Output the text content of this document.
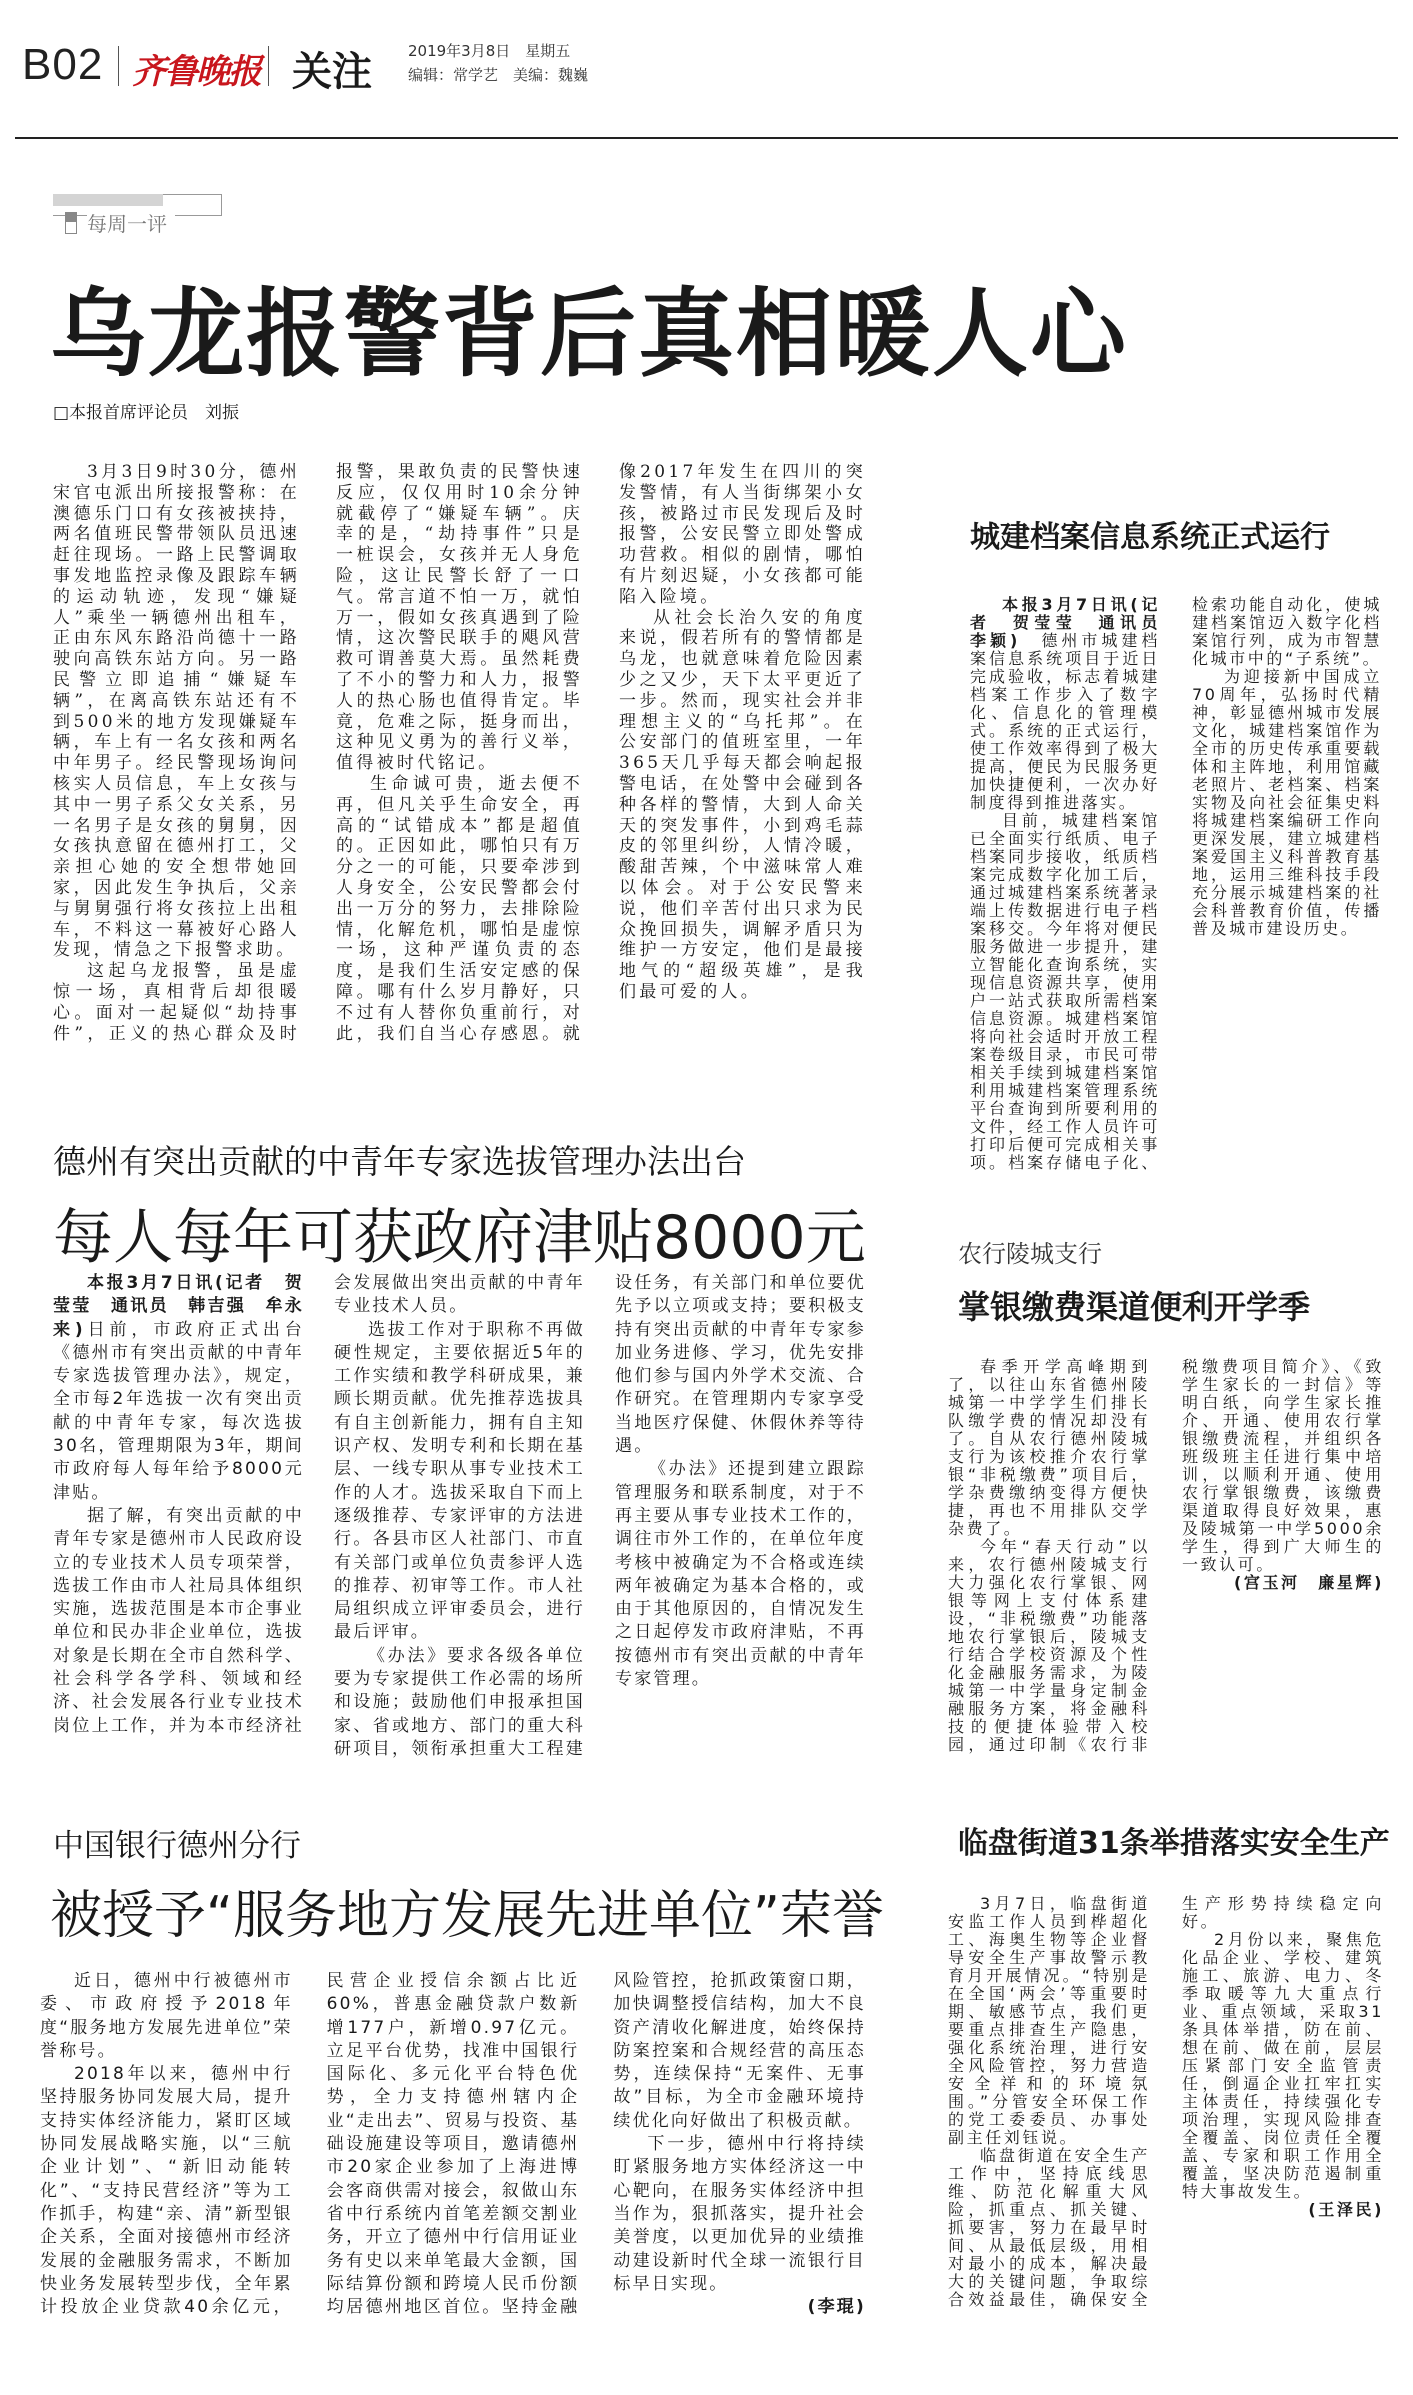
B02 齐鲁晚报 关注 2019年3月8日　星期五
编辑：常学艺　美编：魏巍
每周一评
乌龙报警背后真相暖人心
□本报首席评论员　刘振

3月3日9时30分，德州宋官屯派出所接报警称：在澳德乐门口有女孩被挟持，两名值班民警带领队员迅速赶往现场。一路上民警调取事发地监控录像及跟踪车辆的运动轨迹，发现“嫌疑人”乘坐一辆德州出租车，正由东风东路沿尚德十一路驶向高铁东站方向。另一路民警立即追捕“嫌疑车辆”，在离高铁东站还有不到500米的地方发现嫌疑车辆，车上有一名女孩和两名中年男子。经民警现场询问核实人员信息，车上女孩与其中一男子系父女关系，另一名男子是女孩的舅舅，因女孩执意留在德州打工，父亲担心她的安全想带她回家，因此发生争执后，父亲与舅舅强行将女孩拉上出租车，不料这一幕被好心路人发现，情急之下报警求助。

这起乌龙报警，虽是虚惊一场，真相背后却很暖心。面对一起疑似“劫持事件”，正义的热心群众及时报警，果敢负责的民警快速反应，仅仅用时10余分钟就截停了“嫌疑车辆”。庆幸的是，“劫持事件”只是一桩误会，女孩并无人身危险，这让民警长舒了一口气。常言道不怕一万，就怕万一，假如女孩真遇到了险情，这次警民联手的飓风营救可谓善莫大焉。虽然耗费了不小的警力和人力，报警人的热心肠也值得肯定。毕竟，危难之际，挺身而出，这种见义勇为的善行义举，值得被时代铭记。

生命诚可贵，逝去便不再，但凡关乎生命安全，再高的“试错成本”都是超值的。正因如此，哪怕只有万分之一的可能，只要牵涉到人身安全，公安民警都会付出一万分的努力，去排除险情，化解危机，哪怕是虚惊一场，这种严谨负责的态度，是我们生活安定感的保障。哪有什么岁月静好，只不过有人替你负重前行，对此，我们自当心存感恩。就像2017年发生在四川的突发警情，有人当街绑架小女孩，被路过市民发现后及时报警，公安民警立即处警成功营救。相似的剧情，哪怕有片刻迟疑，小女孩都可能陷入险境。

从社会长治久安的角度来说，假若所有的警情都是乌龙，也就意味着危险因素少之又少，天下太平更近了一步。然而，现实社会并非理想主义的“乌托邦”。在公安部门的值班室里，一年365天几乎每天都会响起报警电话，在处警中会碰到各种各样的警情，大到人命关天的突发事件，小到鸡毛蒜皮的邻里纠纷，人情冷暖，酸甜苦辣，个中滋味常人难以体会。对于公安民警来说，他们辛苦付出只求为民众挽回损失，调解矛盾只为维护一方安定，他们是最接地气的“超级英雄”，是我们最可爱的人。

城建档案信息系统正式运行

本报3月7日讯(记者　贺莹莹　通讯员　李颖)　 德州市城建档案信息系统项目于近日完成验收，标志着城建档案工作步入了数字化、信息化的管理模式。系统的正式运行，使工作效率得到了极大提高，便民为民服务更加快捷便利，一次办好制度得到推进落实。

目前，城建档案馆已全面实行纸质、电子档案同步接收，纸质档案完成数字化加工后，通过城建档案系统著录端上传数据进行电子档案移交。今年将对便民服务做进一步提升，建立智能化查询系统，实现信息资源共享，使用户一站式获取所需档案信息资源。城建档案馆将向社会适时开放工程案卷级目录，市民可带相关手续到城建档案馆利用城建档案管理系统平台查询到所要利用的文件，经工作人员许可打印后便可完成相关事项。档案存储电子化、检索功能自动化，使城建档案馆迈入数字化档案馆行列，成为市智慧化城市中的“子系统”。

为迎接新中国成立70周年，弘扬时代精神，彰显德州城市发展文化，城建档案馆作为全市的历史传承重要载体和主阵地，利用馆藏老照片、老档案、档案实物及向社会征集史料将城建档案编研工作向更深发展，建立城建档案爱国主义科普教育基地，运用三维科技手段充分展示城建档案的社会科普教育价值，传播普及城市建设历史。

德州有突出贡献的中青年专家选拔管理办法出台
每人每年可获政府津贴8000元

本报3月7日讯(记者　贺莹莹　通讯员　韩吉强　牟永来)日前，市政府正式出台《德州市有突出贡献的中青年专家选拔管理办法》，规定，全市每2年选拔一次有突出贡献的中青年专家，每次选拔30名，管理期限为3年，期间市政府每人每年给予8000元津贴。

据了解，有突出贡献的中青年专家是德州市人民政府设立的专业技术人员专项荣誉，选拔工作由市人社局具体组织实施，选拔范围是本市企事业单位和民办非企业单位，选拔对象是长期在全市自然科学、社会科学各学科、领域和经济、社会发展各行业专业技术岗位上工作，并为本市经济社会发展做出突出贡献的中青年专业技术人员。

选拔工作对于职称不再做硬性规定，主要依据近5年的工作实绩和教学科研成果，兼顾长期贡献。优先推荐选拔具有自主创新能力，拥有自主知识产权、发明专利和长期在基层、一线专职从事专业技术工作的人才。选拔采取自下而上逐级推荐、专家评审的方法进行。各县市区人社部门、市直有关部门或单位负责参评人选的推荐、初审等工作。市人社局组织成立评审委员会，进行最后评审。

《办法》要求各级各单位要为专家提供工作必需的场所和设施；鼓励他们申报承担国家、省或地方、部门的重大科研项目，领衔承担重大工程建设任务，有关部门和单位要优先予以立项或支持；要积极支持有突出贡献的中青年专家参加业务进修、学习，优先安排他们参与国内外学术交流、合作研究。在管理期内专家享受当地医疗保健、休假休养等待遇。

《办法》还提到建立跟踪管理服务和联系制度，对于不再主要从事专业技术工作的，调往市外工作的，在单位年度考核中被确定为不合格或连续两年被确定为基本合格的，或由于其他原因的，自情况发生之日起停发市政府津贴，不再按德州市有突出贡献的中青年专家管理。

农行陵城支行
掌银缴费渠道便利开学季

春季开学高峰期到了，以往山东省德州陵城第一中学学生们排长队缴学费的情况却没有了。自从农行德州陵城支行为该校推介农行掌银“非税缴费”项目后，学杂费缴纳变得方便快捷，再也不用排队交学杂费了。

今年“春天行动”以来，农行德州陵城支行大力强化农行掌银、网银等网上支付体系建设，“非税缴费”功能落地农行掌银后，陵城支行结合学校资源及个性化金融服务需求，为陵城第一中学量身定制金融服务方案，将金融科技的便捷体验带入校园，通过印制《农行非税缴费项目简介》、《致学生家长的一封信》等明白纸，向学生家长推介、开通、使用农行掌银缴费流程，并组织各班级班主任进行集中培训，以顺利开通、使用农行掌银缴费，该缴费渠道取得良好效果，惠及陵城第一中学5000余学生，得到广大师生的一致认可。

(宫玉河　廉星辉)

中国银行德州分行
被授予“服务地方发展先进单位”荣誉

近日，德州中行被德州市委、市政府授予2018年度“服务地方发展先进单位”荣誉称号。

2018年以来，德州中行坚持服务协同发展大局，提升支持实体经济能力，紧盯区域协同发展战略实施，以“三航企业计划”、“新旧动能转化”、“支持民营经济”等为工作抓手，构建“亲、清”新型银企关系，全面对接德州市经济发展的金融服务需求，不断加快业务发展转型步伐，全年累计投放企业贷款40余亿元，民营企业授信余额占比近60%，普惠金融贷款户数新增177户，新增0.97亿元。立足平台优势，找准中国银行国际化、多元化平台特色优势，全力支持德州辖内企业“走出去”、贸易与投资、基础设施建设等项目，邀请德州市20家企业参加了上海进博会客商供需对接会，叙做山东省中行系统内首笔差额交割业务，开立了德州中行信用证业务有史以来单笔最大金额，国际结算份额和跨境人民币份额均居德州地区首位。坚持金融风险管控，抢抓政策窗口期，加快调整授信结构，加大不良资产清收化解进度，始终保持防案控案和合规经营的高压态势，连续保持“无案件、无事故”目标，为全市金融环境持续优化向好做出了积极贡献。

下一步，德州中行将持续盯紧服务地方实体经济这一中心靶向，在服务实体经济中担当作为，狠抓落实，提升社会美誉度，以更加优异的业绩推动建设新时代全球一流银行目标早日实现。

(李琨)

临盘街道31条举措落实安全生产

3月7日，临盘街道安监工作人员到桦超化工、海奥生物等企业督导安全生产事故警示教育月开展情况。“特别是在全国‘两会’等重要时期、敏感节点，我们更要重点排查生产隐患，强化系统治理，进行安全风险管控，努力营造安全祥和的环境氛围。”分管安全环保工作的党工委委员、办事处副主任刘钰说。

临盘街道在安全生产工作中，坚持底线思维、防范化解重大风险，抓重点、抓关键、抓要害，努力在最早时间、从最低层级，用相对最小的成本，解决最大的关键问题，争取综合效益最佳，确保安全生产形势持续稳定向好。

2月份以来，聚焦危化品企业、学校、建筑施工、旅游、电力、冬季取暖等九大重点行业、重点领域，采取31条具体举措，防在前、想在前、做在前，层层压紧部门安全监管责任，倒逼企业扛牢扛实主体责任，持续强化专项治理，实现风险排查全覆盖、岗位责任全覆盖、专家和职工作用全覆盖，坚决防范遏制重特大事故发生。

(王泽民)
